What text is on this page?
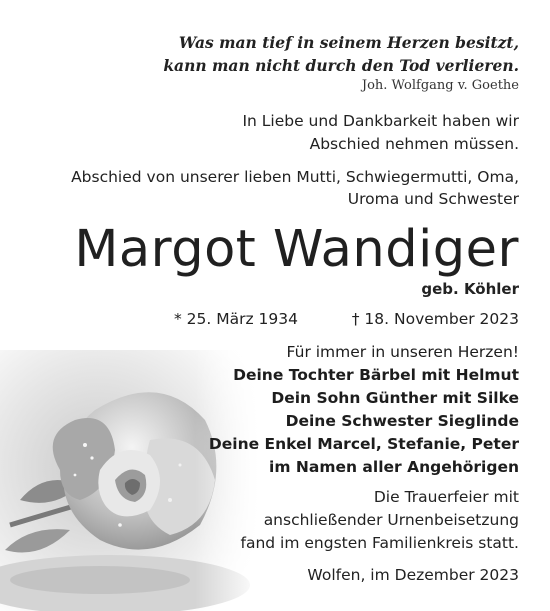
Was man tief in seinem Herzen besitzt,
kann man nicht durch den Tod verlieren.
Joh. Wolfgang v. Goethe
In Liebe und Dankbarkeit haben wir
Abschied nehmen müssen.
Abschied von unserer lieben Mutti, Schwiegermutti, Oma,
Uroma und Schwester
Margot Wandiger
geb. Köhler
* 25. März 1934	† 18. November 2023
Für immer in unseren Herzen!
Deine Tochter Bärbel mit Helmut
Dein Sohn Günther mit Silke
Deine Schwester Sieglinde
Deine Enkel Marcel, Stefanie, Peter
im Namen aller Angehörigen
Die Trauerfeier mit
anschließender Urnenbeisetzung
fand im engsten Familienkreis statt.
Wolfen, im Dezember 2023
